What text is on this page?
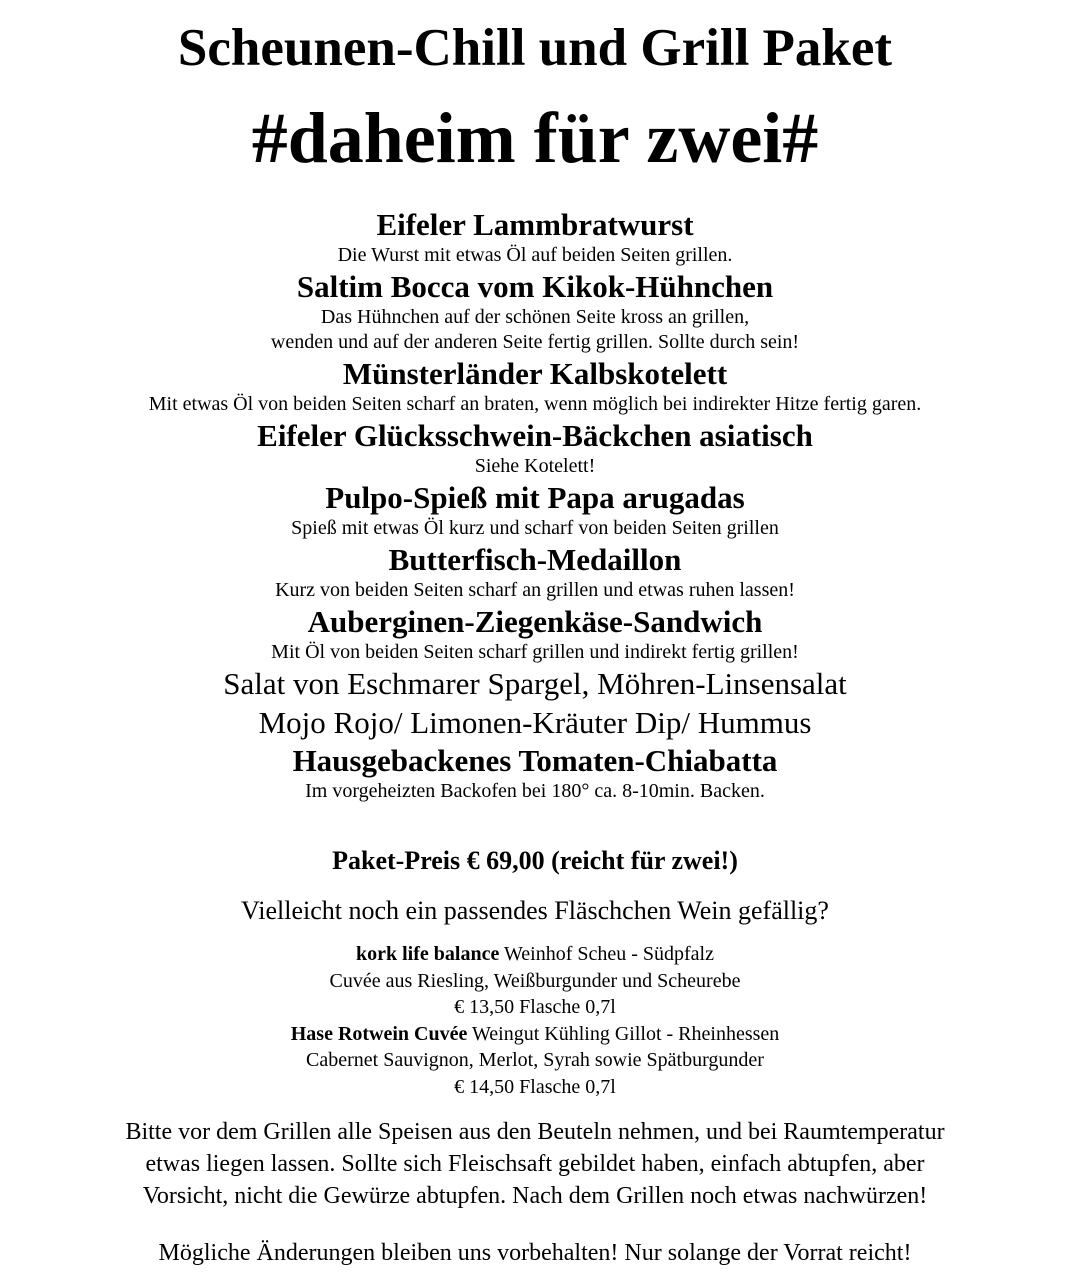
Scheunen-Chill und Grill Paket
#daheim für zwei#
Eifeler Lammbratwurst
Die Wurst mit etwas Öl auf beiden Seiten grillen.
Saltim Bocca vom Kikok-Hühnchen
Das Hühnchen auf der schönen Seite kross an grillen,
wenden und auf der anderen Seite fertig grillen. Sollte durch sein!
Münsterländer Kalbskotelett
Mit etwas Öl von beiden Seiten scharf an braten, wenn möglich bei indirekter Hitze fertig garen.
Eifeler Glücksschwein-Bäckchen asiatisch
Siehe Kotelett!
Pulpo-Spieß mit Papa arugadas
Spieß mit etwas Öl kurz und scharf von beiden Seiten grillen
Butterfisch-Medaillon
Kurz von beiden Seiten scharf an grillen und etwas ruhen lassen!
Auberginen-Ziegenkäse-Sandwich
Mit Öl von beiden Seiten scharf grillen und indirekt fertig grillen!
Salat von Eschmarer Spargel, Möhren-Linsensalat
Mojo Rojo/ Limonen-Kräuter Dip/ Hummus
Hausgebackenes Tomaten-Chiabatta
Im vorgeheizten Backofen bei 180° ca. 8-10min. Backen.
Paket-Preis € 69,00 (reicht für zwei!)
Vielleicht noch ein passendes Fläschchen Wein gefällig?
kork life balance Weinhof Scheu - Südpfalz
Cuvée aus Riesling, Weißburgunder und Scheurebe
€ 13,50 Flasche 0,7l
Hase Rotwein Cuvée Weingut Kühling Gillot - Rheinhessen
Cabernet Sauvignon, Merlot, Syrah sowie Spätburgunder
€ 14,50 Flasche 0,7l
Bitte vor dem Grillen alle Speisen aus den Beuteln nehmen, und bei Raumtemperatur
etwas liegen lassen. Sollte sich Fleischsaft gebildet haben, einfach abtupfen, aber
Vorsicht, nicht die Gewürze abtupfen. Nach dem Grillen noch etwas nachwürzen!
Mögliche Änderungen bleiben uns vorbehalten! Nur solange der Vorrat reicht!
